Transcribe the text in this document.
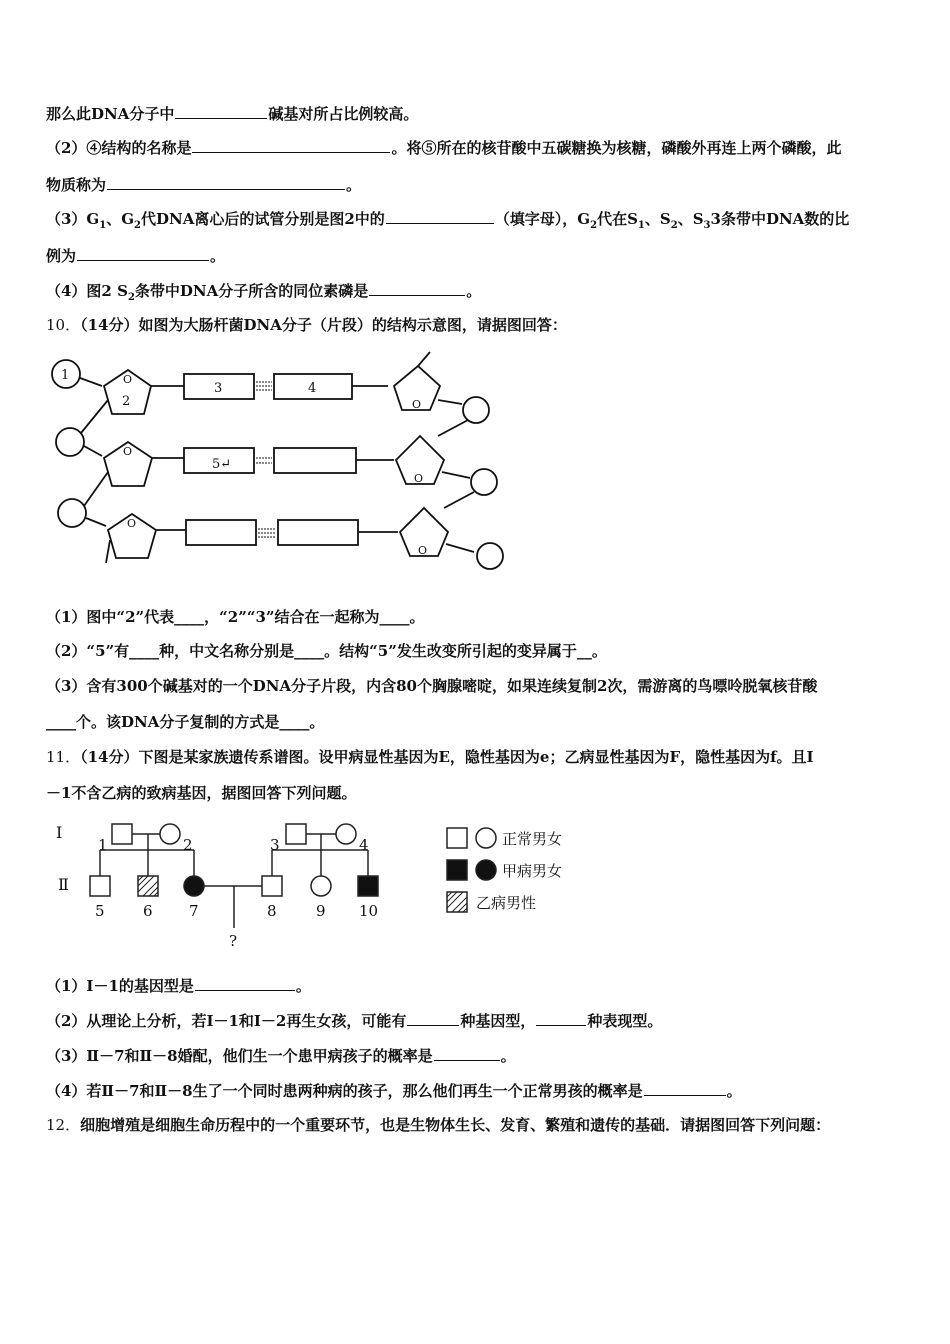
那么此DNA分子中	碱基对所占比例较高。
（2）④结构的名称是	。将⑤所在的核苷酸中五碳糖换为核糖，磷酸外再连上两个磷酸，此
物质称为	。
$(3)G_1$、$G_2$代DNA离心后的试管分别是图2中的	（填字母），$G_2$代在$S_1$、$S_2$、$S_33$条带中DNA数的比
例为	。
（4）图2 $S_2$条带中DNA分子所含的同位素磷是	。
10．（14分）如图为大肠杆菌DNA分子（片段）的结构示意图，请据图回答：
1
2
3	4
5↵
O
O
O
O
O
O
（1）图中“2”代表____，“2”“3”结合在一起称为____。
（2）“5”有____种，中文名称分别是____。结构“5”发生改变所引起的变异属于__。
（3）含有300个碱基对的一个DNA分子片段，内含80个胸腺嘧啶，如果连续复制2次，需游离的鸟嘌呤脱氧核苷酸
____个。该DNA分子复制的方式是____。
11．（14分）下图是某家族遗传系谱图。设甲病显性基因为E，隐性基因为e；乙病显性基因为F，隐性基因为f。且Ⅰ
－1不含乙病的致病基因，据图回答下列问题。
Ⅰ
Ⅱ
1	2	3	4
5	6 7	8	9 10
?
正常男女
甲病男女
乙病男性
（1）Ⅰ－1的基因型是	。
（2）从理论上分析，若Ⅰ－1和Ⅰ－2再生女孩，可能有	种基因型，	种表现型。
（3）Ⅱ－7和Ⅱ－8婚配，他们生一个患甲病孩子的概率是	。
（4）若Ⅱ－7和Ⅱ－8生了一个同时患两种病的孩子，那么他们再生一个正常男孩的概率是	。
12．细胞增殖是细胞生命历程中的一个重要环节，也是生物体生长、发育、繁殖和遗传的基础．请据图回答下列问题：
